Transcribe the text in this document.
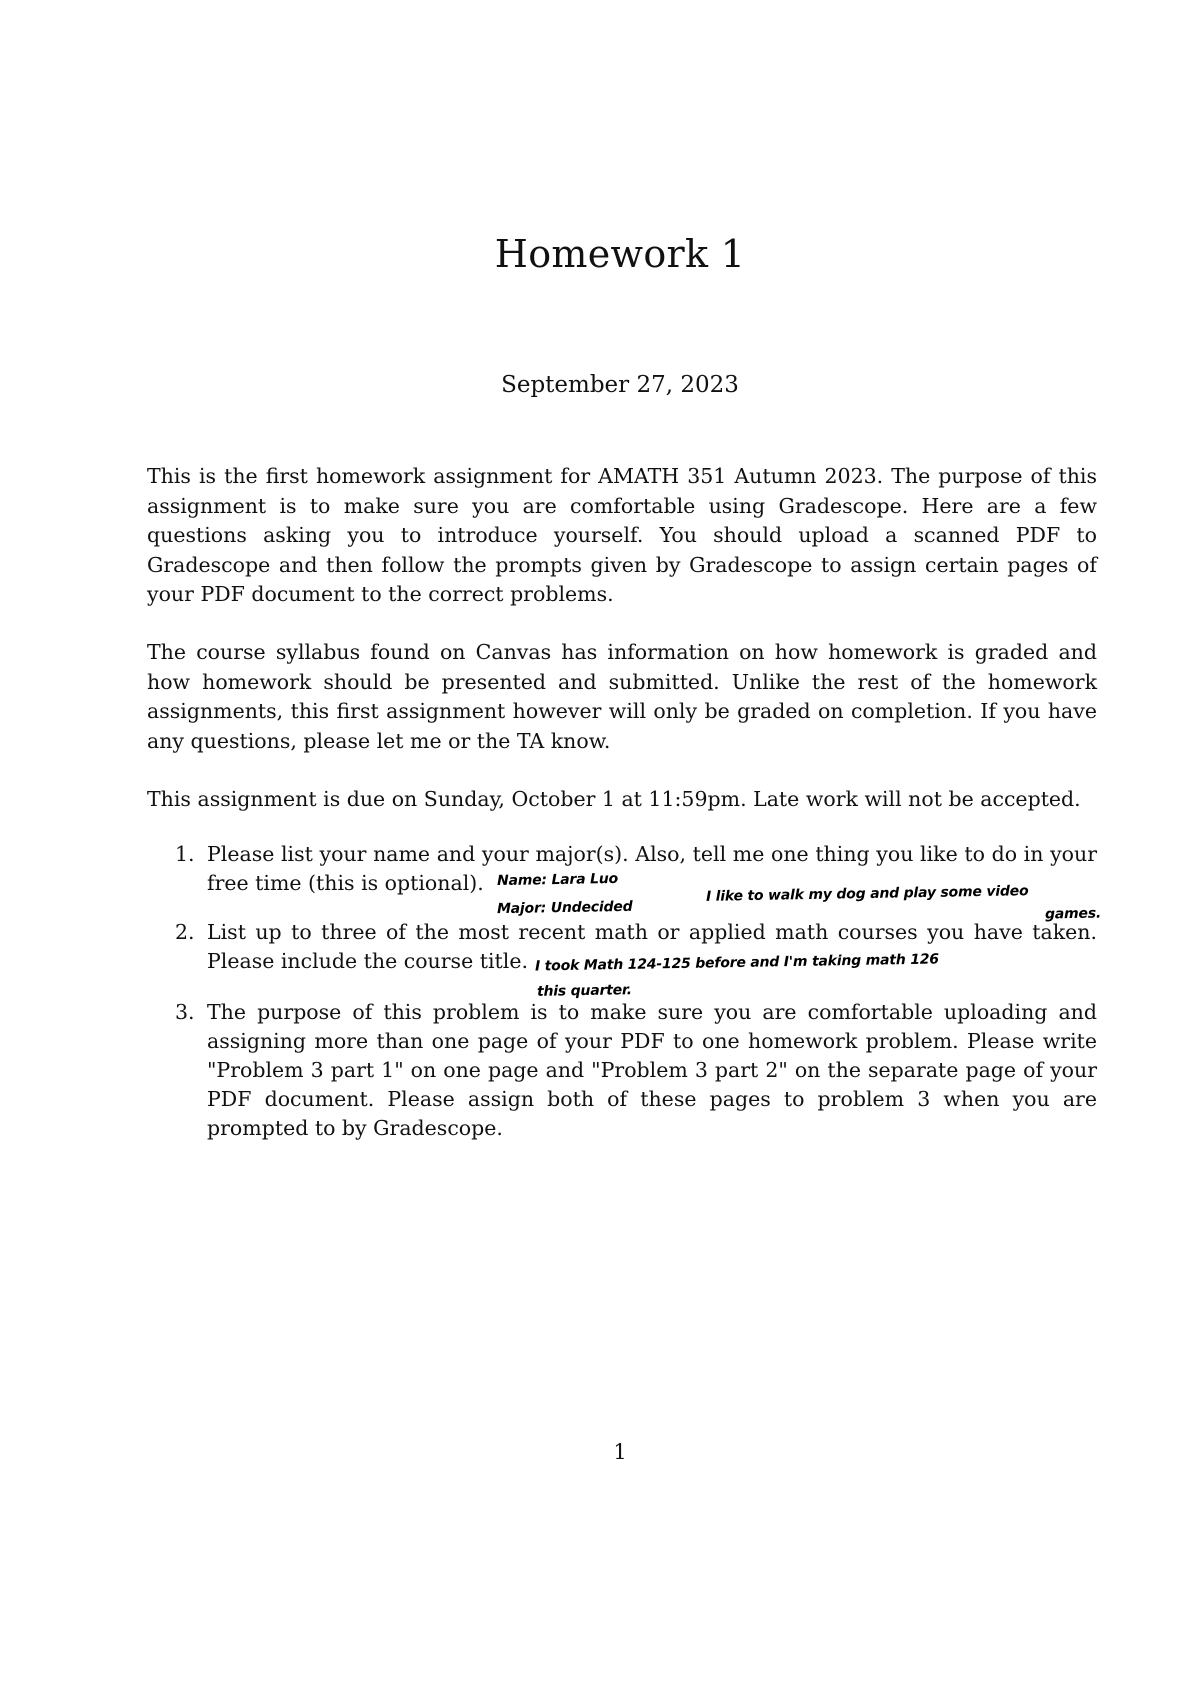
Homework 1
September 27, 2023

This is the first homework assignment for AMATH 351 Autumn 2023. The purpose of this assignment is to make sure you are comfortable using Gradescope. Here are a few questions asking you to introduce yourself. You should upload a scanned PDF to Gradescope and then follow the prompts given by Gradescope to assign certain pages of your PDF document to the correct problems.

The course syllabus found on Canvas has information on how homework is graded and how homework should be presented and submitted. Unlike the rest of the homework assignments, this first assignment however will only be graded on completion. If you have any questions, please let me or the TA know.

This assignment is due on Sunday, October 1 at 11:59pm. Late work will not be accepted.

1. Please list your name and your major(s). Also, tell me one thing you like to do in your free time (this is optional).
2. List up to three of the most recent math or applied math courses you have taken. Please include the course title.
3. The purpose of this problem is to make sure you are comfortable uploading and assigning more than one page of your PDF to one homework problem. Please write "Problem 3 part 1" on one page and "Problem 3 part 2" on the separate page of your PDF document. Please assign both of these pages to problem 3 when you are prompted to by Gradescope.
Name: Lara Luo
Major: Undecided
I like to walk my dog and play some video
games.
I took Math 124-125 before and I'm taking math 126
this quarter.
1
